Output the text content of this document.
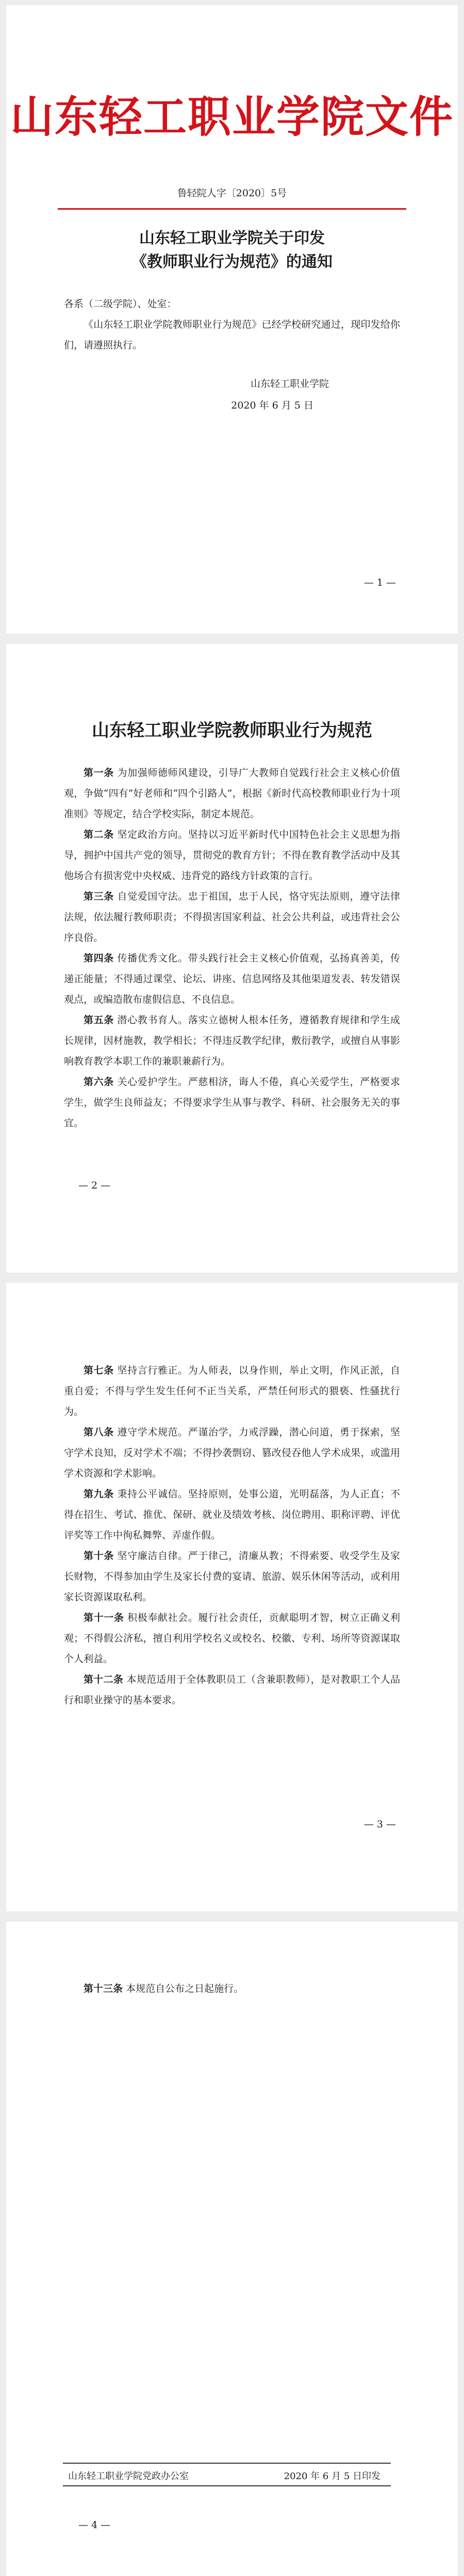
山东轻工职业学院文件
鲁轻院人字〔2020〕5号
山东轻工职业学院关于印发
《教师职业行为规范》的通知

各系（二级学院）、处室：

《山东轻工职业学院教师职业行为规范》已经学校研究通过，现印发给你们，请遵照执行。

山东轻工职业学院
2020 年 6 月 5 日
— 1 —
山东轻工职业学院教师职业行为规范

第一条 为加强师德师风建设，引导广大教师自觉践行社会主义核心价值观，争做“四有”好老师和“四个引路人”，根据《新时代高校教师职业行为十项准则》等规定，结合学校实际，制定本规范。

第二条 坚定政治方向。坚持以习近平新时代中国特色社会主义思想为指导，拥护中国共产党的领导，贯彻党的教育方针；不得在教育教学活动中及其他场合有损害党中央权威、违背党的路线方针政策的言行。

第三条 自觉爱国守法。忠于祖国，忠于人民，恪守宪法原则，遵守法律法规，依法履行教师职责；不得损害国家利益、社会公共利益，或违背社会公序良俗。

第四条 传播优秀文化。带头践行社会主义核心价值观，弘扬真善美，传递正能量；不得通过课堂、论坛、讲座、信息网络及其他渠道发表、转发错误观点，或编造散布虚假信息、不良信息。

第五条 潜心教书育人。落实立德树人根本任务，遵循教育规律和学生成长规律，因材施教，教学相长；不得违反教学纪律，敷衍教学，或擅自从事影响教育教学本职工作的兼职兼薪行为。

第六条 关心爱护学生。严慈相济，诲人不倦，真心关爱学生，严格要求学生，做学生良师益友；不得要求学生从事与教学、科研、社会服务无关的事宜。

— 2 —

第七条 坚持言行雅正。为人师表，以身作则，举止文明，作风正派，自重自爱；不得与学生发生任何不正当关系，严禁任何形式的猥亵、性骚扰行为。

第八条 遵守学术规范。严谨治学，力戒浮躁，潜心问道，勇于探索，坚守学术良知，反对学术不端；不得抄袭剽窃、篡改侵吞他人学术成果，或滥用学术资源和学术影响。

第九条 秉持公平诚信。坚持原则，处事公道，光明磊落，为人正直；不得在招生、考试、推优、保研、就业及绩效考核、岗位聘用、职称评聘、评优评奖等工作中徇私舞弊、弄虚作假。

第十条 坚守廉洁自律。严于律己，清廉从教；不得索要、收受学生及家长财物，不得参加由学生及家长付费的宴请、旅游、娱乐休闲等活动，或利用家长资源谋取私利。

第十一条 积极奉献社会。履行社会责任，贡献聪明才智，树立正确义利观；不得假公济私，擅自利用学校名义或校名、校徽、专利、场所等资源谋取个人利益。

第十二条 本规范适用于全体教职员工（含兼职教师），是对教职工个人品行和职业操守的基本要求。

— 3 —

第十三条 本规范自公布之日起施行。

山东轻工职业学院党政办公室	2020 年 6 月 5 日印发
— 4 —
